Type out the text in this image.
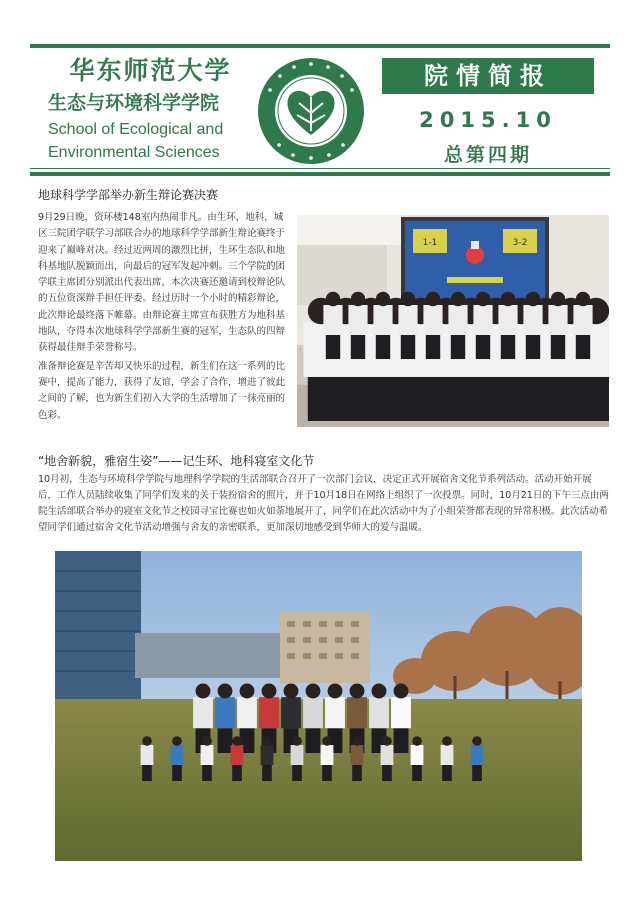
华东师范大学
生态与环境科学学院
School of Ecological and
Environmental Sciences
院情简报
2015.10
总第四期
地球科学学部举办新生辩论赛决赛

9月29日晚，资环楼148室内热闹非凡。由生环，地科，城区三院团学联学习部联合办的地球科学学部新生辩论赛终于迎来了巅峰对决。经过近两周的激烈比拼，生环生态队和地科基地队脱颖而出，向最后的冠军发起冲刺。三个学院的团学联主席团分别派出代表出席，本次决赛还邀请到校辩论队的五位资深辩手担任评委。经过历时一个小时的精彩辩论，此次辩论最终落下帷幕。由辩论赛主席宣布获胜方为地科基地队，夺得本次地球科学学部新生赛的冠军，生态队的四辩获得最佳辩手荣誉称号。

准备辩论赛是辛苦却又快乐的过程，新生们在这一系列的比赛中，提高了能力，获得了友谊，学会了合作，增进了彼此之间的了解，也为新生们初入大学的生活增加了一抹亮丽的色彩。

1-1	3-2
“地舍新貌，雅宿生姿”——记生环、地科寝室文化节
10月初，生态与环境科学学院与地理科学学院的生活部联合召开了一次部门会议，决定正式开展宿舍文化节系列活动。活动开始开展后，工作人员陆续收集了同学们发来的关于装扮宿舍的照片，并于10月18日在网络上组织了一次投票。同时，10月21日的下午三点由两院生活部联合举办的寝室文化节之校园寻宝比赛也如火如荼地展开了，同学们在此次活动中为了小组荣誉都表现的异常积极。此次活动希望同学们通过宿舍文化节活动增强与舍友的亲密联系，更加深切地感受到华师大的爱与温暖。
